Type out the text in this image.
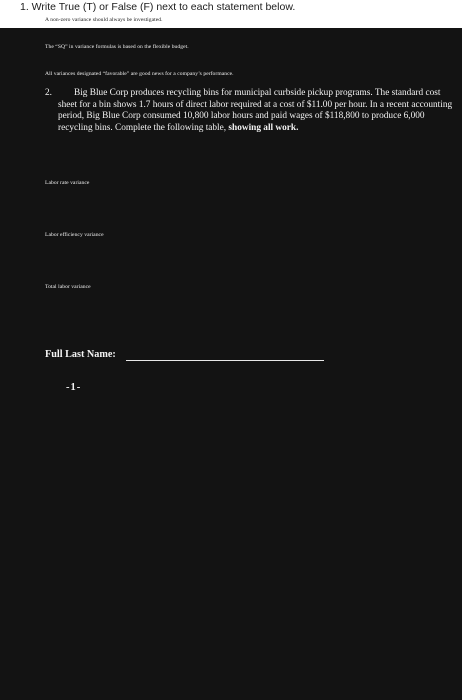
1. Write True (T) or False (F) next to each statement below.
A non-zero variance should always be investigated.
The “SQ” in variance formulas is based on the flexible budget.
All variances designated “favorable” are good news for a company’s performance.
2.	Big Blue Corp produces recycling bins for municipal curbside pickup programs. The standard cost sheet for a bin shows 1.7 hours of direct labor required at a cost of $11.00 per hour. In a recent accounting period, Big Blue Corp consumed 10,800 labor hours and paid wages of $118,800 to produce 6,000 recycling bins. Complete the following table, showing all work.
Labor rate variance
Labor efficiency variance
Total labor variance
Full Last Name:
-1-
